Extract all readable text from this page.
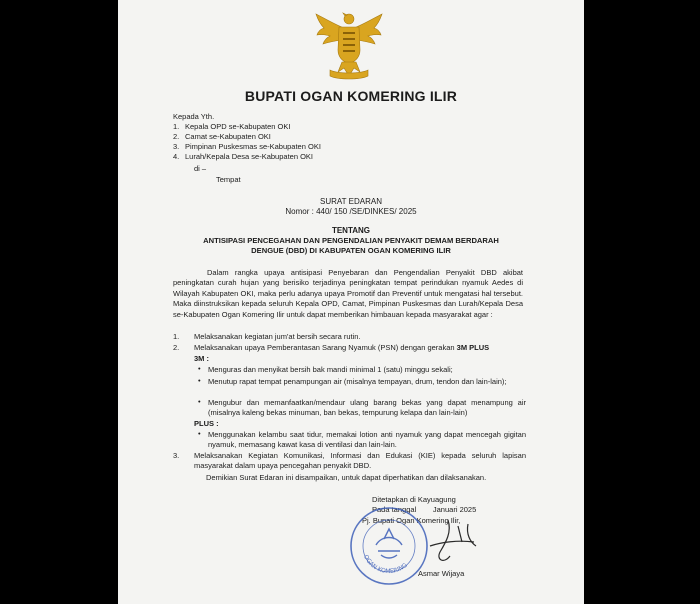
BUPATI OGAN KOMERING ILIR
Kepada Yth.
1. Kepala OPD se-Kabupaten OKI
2. Camat se-Kabupaten OKI
3. Pimpinan Puskesmas se-Kabupaten OKI
4. Lurah/Kepala Desa se-Kabupaten OKI
di –
Tempat
SURAT EDARAN
Nomor : 440/ 150 /SE/DINKES/ 2025
TENTANG
ANTISIPASI PENCEGAHAN DAN PENGENDALIAN PENYAKIT DEMAM BERDARAH
DENGUE (DBD) DI KABUPATEN OGAN KOMERING ILIR
Dalam rangka upaya antisipasi Penyebaran dan Pengendalian Penyakit DBD akibat peningkatan curah hujan yang berisiko terjadinya peningkatan tempat perindukan nyamuk Aedes di Wilayah Kabupaten OKI, maka perlu adanya upaya Promotif dan Preventif untuk mengatasi hal tersebut. Maka diinstruksikan kepada seluruh Kepala OPD, Camat, Pimpinan Puskesmas dan Lurah/Kepala Desa se-Kabupaten Ogan Komering Ilir untuk dapat memberikan himbauan kepada masyarakat agar :
1. Melaksanakan kegiatan jum'at bersih secara rutin.
2. Melaksanakan upaya Pemberantasan Sarang Nyamuk (PSN) dengan gerakan 3M PLUS
3M :
• Menguras dan menyikat bersih bak mandi minimal 1 (satu) minggu sekali;
• Menutup rapat tempat penampungan air (misalnya tempayan, drum, tendon dan lain-lain);
• Mengubur dan memanfaatkan/mendaur ulang barang bekas yang dapat menampung air (misalnya kaleng bekas minuman, ban bekas, tempurung kelapa dan lain-lain)
PLUS :
• Menggunakan kelambu saat tidur, memakai lotion anti nyamuk yang dapat mencegah gigitan nyamuk, memasang kawat kasa di ventilasi dan lain-lain.
3. Melaksanakan Kegiatan Komunikasi, Informasi dan Edukasi (KIE) kepada seluruh lapisan masyarakat dalam upaya pencegahan penyakit DBD.
Demikian Surat Edaran ini disampaikan, untuk dapat diperhatikan dan dilaksanakan.
Ditetapkan di Kayuagung
Pada tanggal Januari 2025
Pj. Bupati Ogan Komering Ilir,
OGAN KOMERING
Asmar Wijaya
